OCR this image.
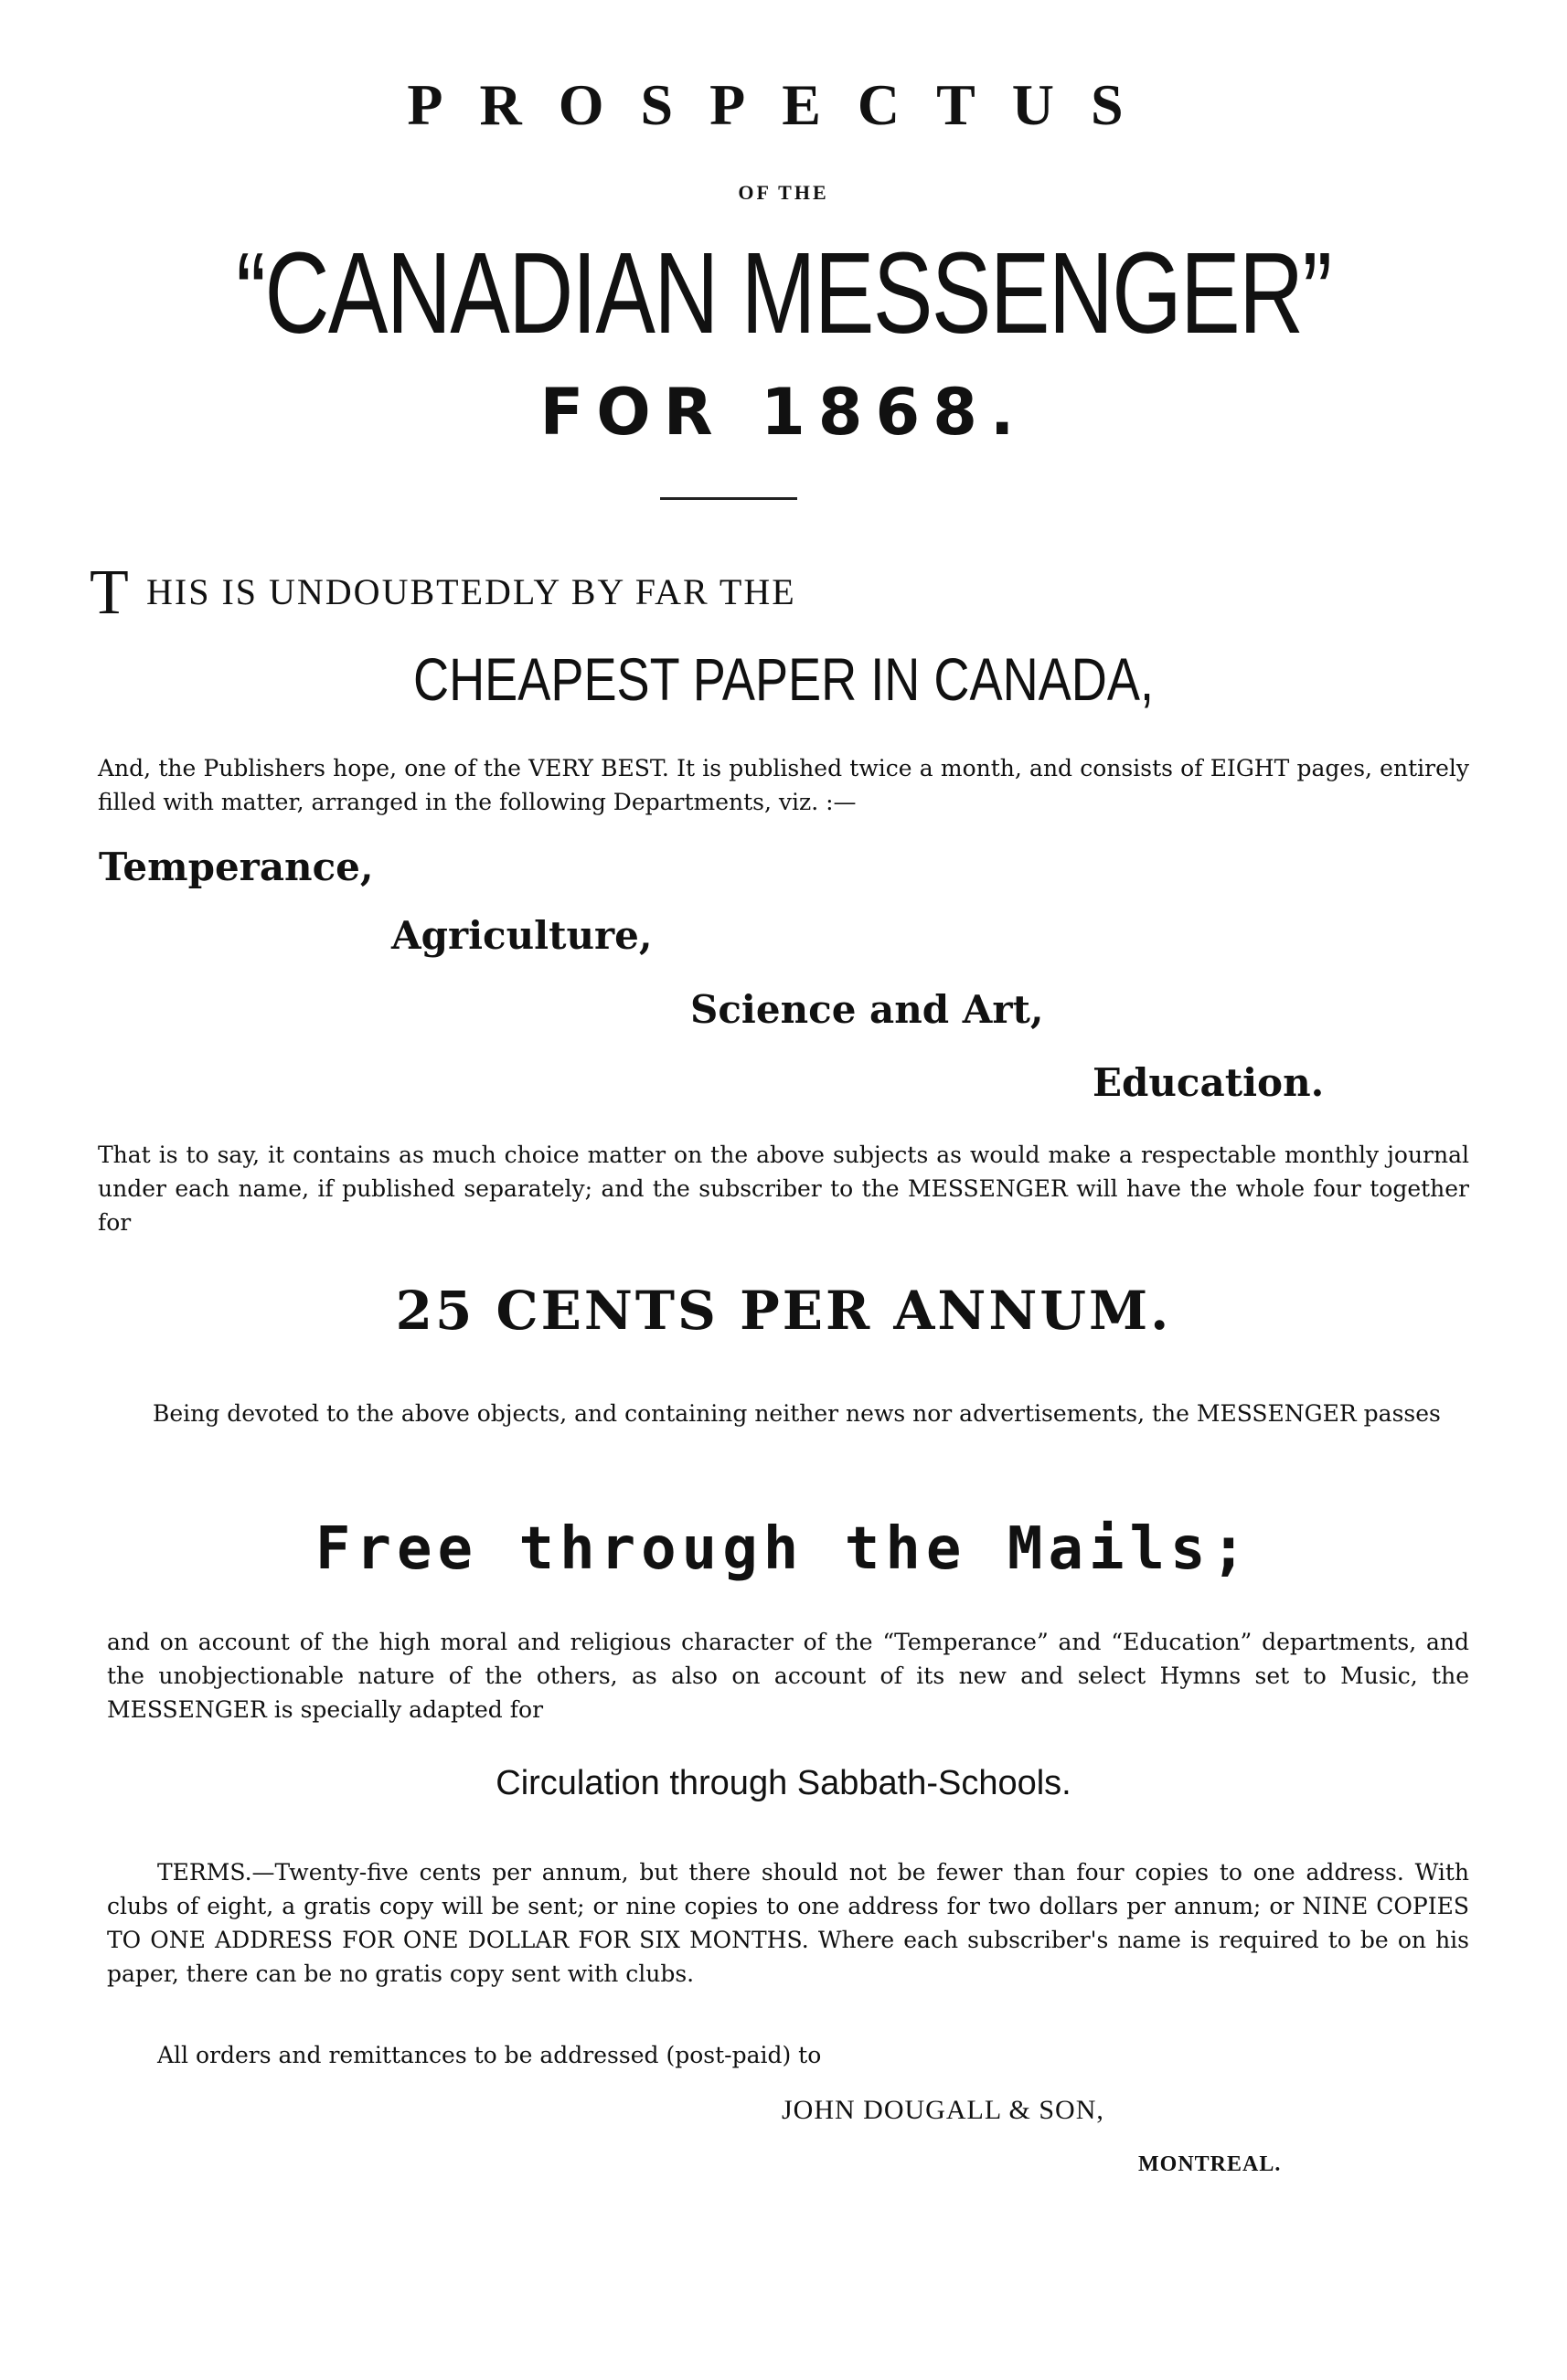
PROSPECTUS
OF THE
“CANADIAN MESSENGER”
FOR 1868.
T HIS IS UNDOUBTEDLY BY FAR THE
CHEAPEST PAPER IN CANADA,
And, the Publishers hope, one of the VERY BEST. It is published twice a month, and consists of EIGHT pages, entirely filled with matter, arranged in the following Departments, viz. :—
Temperance,
Agriculture,
Science and Art,
Education.
That is to say, it contains as much choice matter on the above subjects as would make a respectable monthly journal under each name, if published separately; and the subscriber to the MESSENGER will have the whole four together for
25 CENTS PER ANNUM.
Being devoted to the above objects, and containing neither news nor advertisements, the MESSENGER passes
Free through the Mails;
and on account of the high moral and religious character of the “Temperance” and “Education” departments, and the unobjectionable nature of the others, as also on account of its new and select Hymns set to Music, the MESSENGER is specially adapted for
Circulation through Sabbath-Schools.
TERMS.—Twenty-five cents per annum, but there should not be fewer than four copies to one address. With clubs of eight, a gratis copy will be sent; or nine copies to one address for two dollars per annum; or NINE COPIES TO ONE ADDRESS FOR ONE DOLLAR FOR SIX MONTHS. Where each subscriber's name is required to be on his paper, there can be no gratis copy sent with clubs.
All orders and remittances to be addressed (post-paid) to
JOHN DOUGALL & SON,
MONTREAL.
